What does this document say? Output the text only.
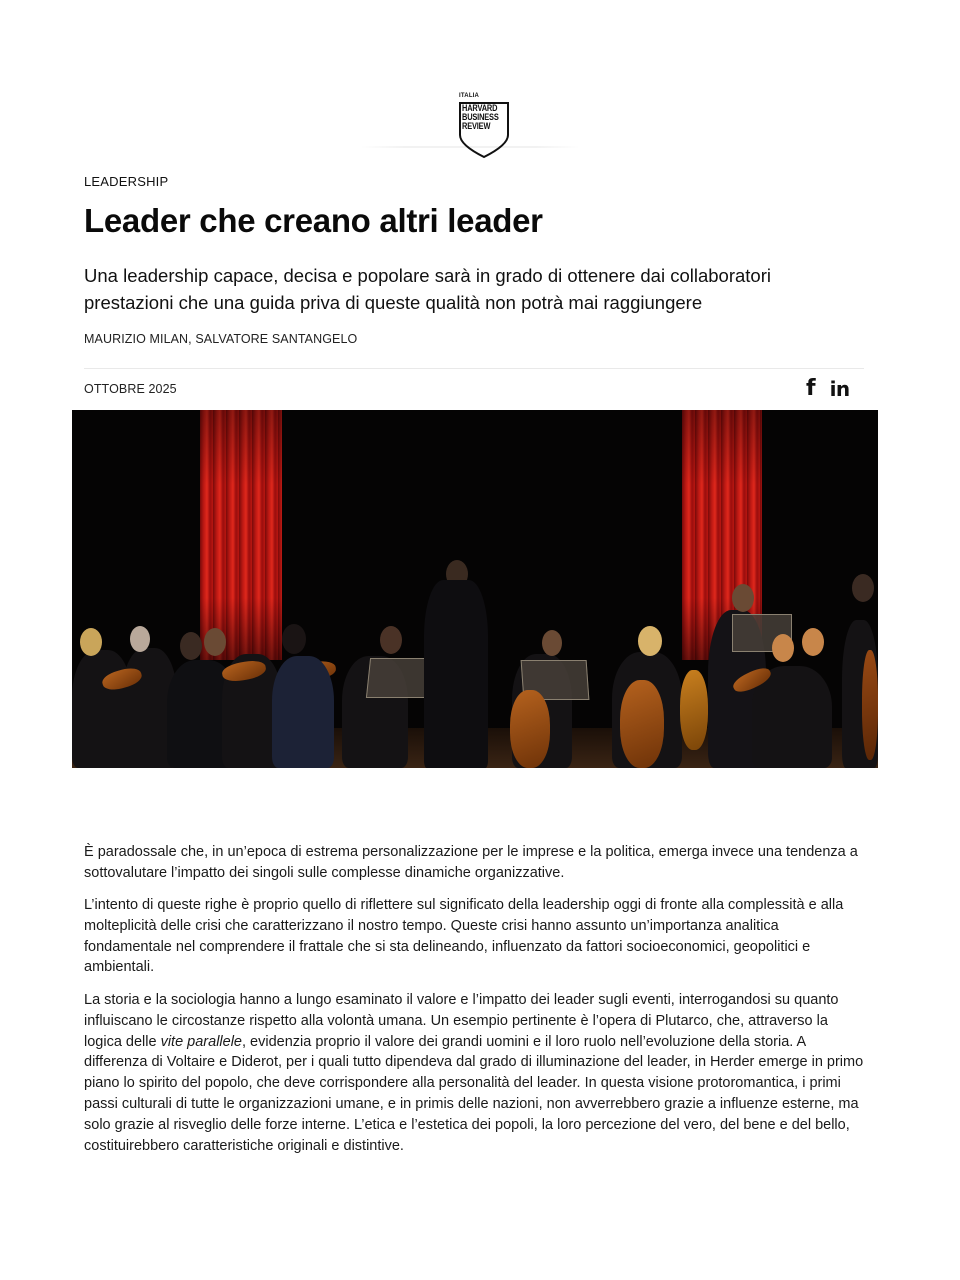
ITALIA
HARVARD
BUSINESS
REVIEW
LEADERSHIP
Leader che creano altri leader

Una leadership capace, decisa e popolare sarà in grado di ottenere dai collaboratori prestazioni che una guida priva di queste qualità non potrà mai raggiungere

MAURIZIO MILAN, SALVATORE SANTANGELO
OTTOBRE 2025	f in

È paradossale che, in un’epoca di estrema personalizzazione per le imprese e la politica, emerga invece una tendenza a sottovalutare l’impatto dei singoli sulle complesse dinamiche organizzative.

L’intento di queste righe è proprio quello di riflettere sul significato della leadership oggi di fronte alla complessità e alla molteplicità delle crisi che caratterizzano il nostro tempo. Queste crisi hanno assunto un’importanza analitica fondamentale nel comprendere il frattale che si sta delineando, influenzato da fattori socioeconomici, geopolitici e ambientali.

La storia e la sociologia hanno a lungo esaminato il valore e l’impatto dei leader sugli eventi, interrogandosi su quanto influiscano le circostanze rispetto alla volontà umana. Un esempio pertinente è l’opera di Plutarco, che, attraverso la logica delle vite parallele, evidenzia proprio il valore dei grandi uomini e il loro ruolo nell’evoluzione della storia. A differenza di Voltaire e Diderot, per i quali tutto dipendeva dal grado di illuminazione del leader, in Herder emerge in primo piano lo spirito del popolo, che deve corrispondere alla personalità del leader. In questa visione protoromantica, i primi passi culturali di tutte le organizzazioni umane, e in primis delle nazioni, non avverrebbero grazie a influenze esterne, ma solo grazie al risveglio delle forze interne. L’etica e l’estetica dei popoli, la loro percezione del vero, del bene e del bello, costituirebbero caratteristiche originali e distintive.
